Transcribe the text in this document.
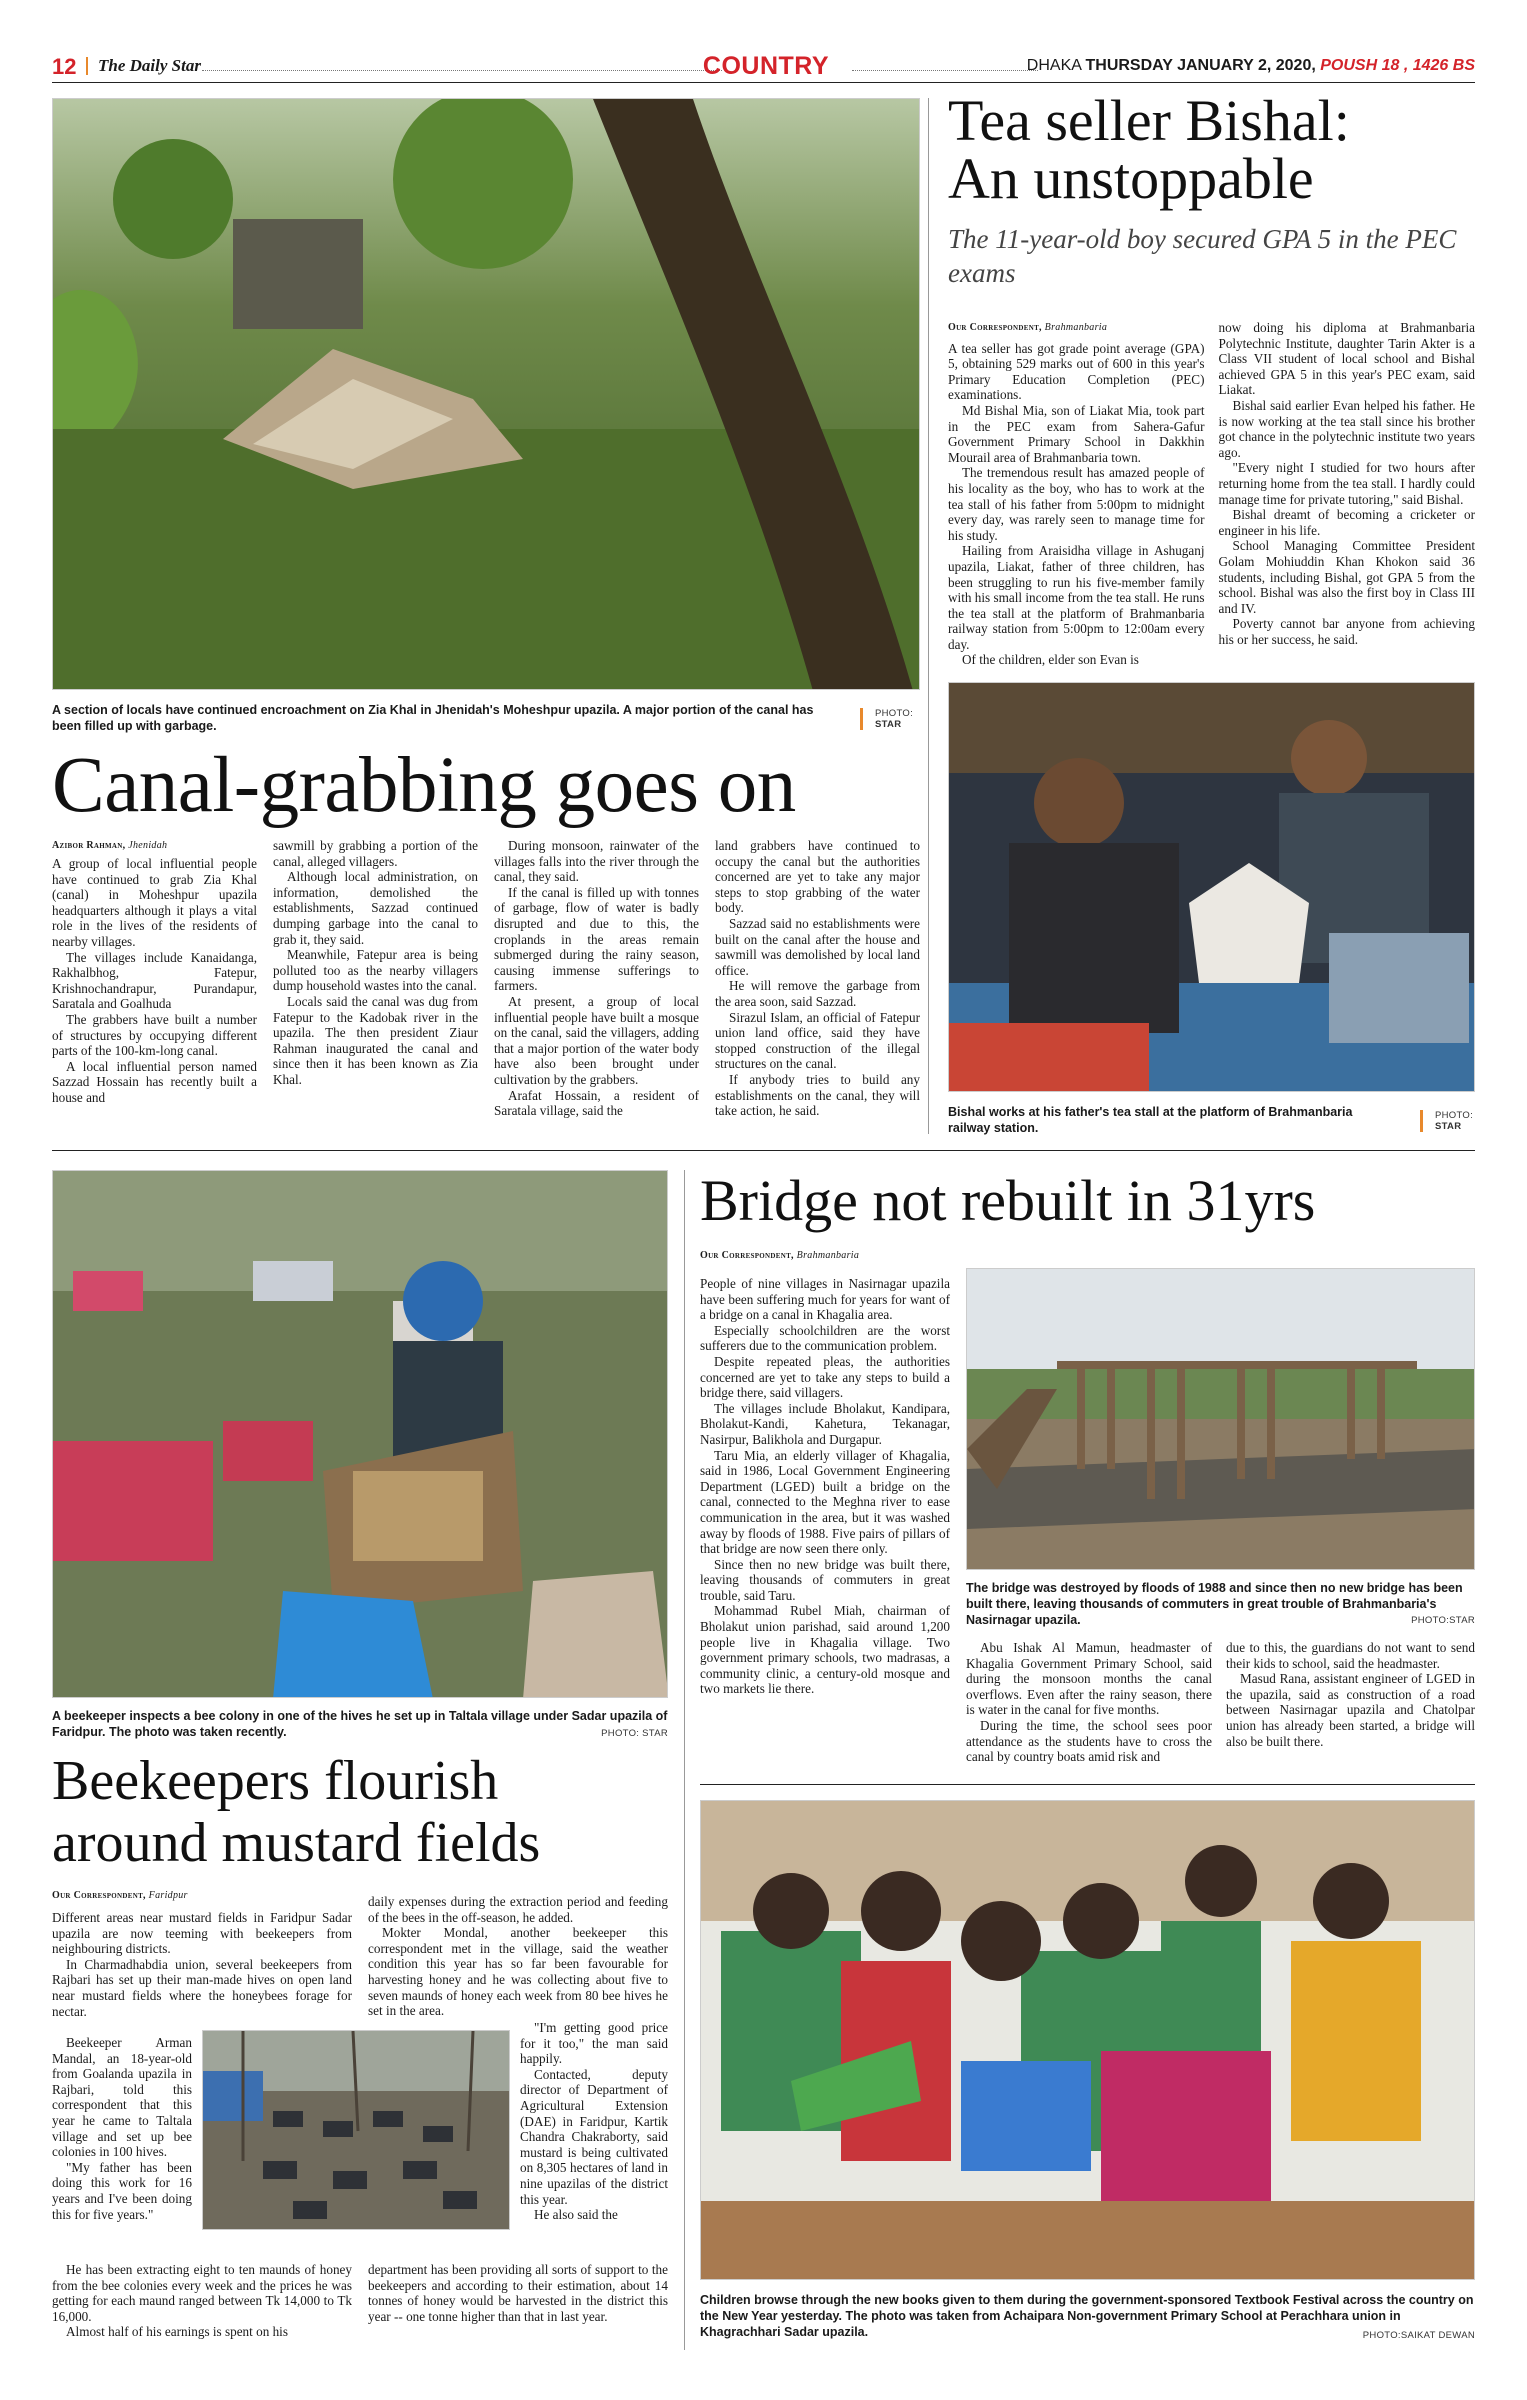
12 The Daily Star	COUNTRY	DHAKA THURSDAY JANUARY 2, 2020, POUSH 18 , 1426 BS
A section of locals have continued encroachment on Zia Khal in Jhenidah's Moheshpur upazila. A major portion of the canal has been filled up with garbage.
PHOTO:
STAR
Canal-grabbing goes on
Azibor Rahman, Jhenidah

A group of local influential people have continued to grab Zia Khal (canal) in Moheshpur upazila headquarters although it plays a vital role in the lives of the residents of nearby villages.

The villages include Kanaidanga, Rakhalbhog, Fatepur, Krishnochandrapur, Purandapur, Saratala and Goalhuda

The grabbers have built a number of structures by occupying different parts of the 100-km-long canal.

A local influential person named Sazzad Hossain has recently built a house and

sawmill by grabbing a portion of the canal, alleged villagers.

Although local administration, on information, demolished the establishments, Sazzad continued dumping garbage into the canal to grab it, they said.

Meanwhile, Fatepur area is being polluted too as the nearby villagers dump household wastes into the canal.

Locals said the canal was dug from Fatepur to the Kadobak river in the upazila. The then president Ziaur Rahman inaugurated the canal and since then it has been known as Zia Khal.

During monsoon, rainwater of the villages falls into the river through the canal, they said.

If the canal is filled up with tonnes of garbage, flow of water is badly disrupted and due to this, the croplands in the areas remain submerged during the rainy season, causing immense sufferings to farmers.

At present, a group of local influential people have built a mosque on the canal, said the villagers, adding that a major portion of the water body have also been brought under cultivation by the grabbers.

Arafat Hossain, a resident of Saratala village, said the

land grabbers have continued to occupy the canal but the authorities concerned are yet to take any major steps to stop grabbing of the water body.

Sazzad said no establishments were built on the canal after the house and sawmill was demolished by local land office.

He will remove the garbage from the area soon, said Sazzad.

Sirazul Islam, an official of Fatepur union land office, said they have stopped construction of the illegal structures on the canal.

If anybody tries to build any establishments on the canal, they will take action, he said.

Tea seller Bishal:
An unstoppable
The 11-year-old boy secured GPA 5 in the PEC exams
Our Correspondent, Brahmanbaria

A tea seller has got grade point average (GPA) 5, obtaining 529 marks out of 600 in this year's Primary Education Completion (PEC) examinations.

Md Bishal Mia, son of Liakat Mia, took part in the PEC exam from Sahera-Gafur Government Primary School in Dakkhin Mourail area of Brahmanbaria town.

The tremendous result has amazed people of his locality as the boy, who has to work at the tea stall of his father from 5:00pm to midnight every day, was rarely seen to manage time for his study.

Hailing from Araisidha village in Ashuganj upazila, Liakat, father of three children, has been struggling to run his five-member family with his small income from the tea stall. He runs the tea stall at the platform of Brahmanbaria railway station from 5:00pm to 12:00am every day.

Of the children, elder son Evan is

now doing his diploma at Brahmanbaria Polytechnic Institute, daughter Tarin Akter is a Class VII student of local school and Bishal achieved GPA 5 in this year's PEC exam, said Liakat.

Bishal said earlier Evan helped his father. He is now working at the tea stall since his brother got chance in the polytechnic institute two years ago.

"Every night I studied for two hours after returning home from the tea stall. I hardly could manage time for private tutoring," said Bishal.

Bishal dreamt of becoming a cricketer or engineer in his life.

School Managing Committee President Golam Mohiuddin Khan Khokon said 36 students, including Bishal, got GPA 5 from the school. Bishal was also the first boy in Class III and IV.

Poverty cannot bar anyone from achieving his or her success, he said.

Bishal works at his father's tea stall at the platform of Brahmanbaria railway station.
PHOTO:
STAR
A beekeeper inspects a bee colony in one of the hives he set up in Taltala village under Sadar upazila of Faridpur. The photo was taken recently.	PHOTO: STAR
Beekeepers flourish
around mustard fields
Our Correspondent, Faridpur

Different areas near mustard fields in Faridpur Sadar upazila are now teeming with beekeepers from neighbouring districts.

In Charmadhabdia union, several beekeepers from Rajbari has set up their man-made hives on open land near mustard fields where the honeybees forage for nectar.

Beekeeper Arman Mandal, an 18-year-old from Goalanda upazila in Rajbari, told this correspondent that this year he came to Taltala village and set up bee colonies in 100 hives.

"My father has been doing this work for 16 years and I've been doing this for five years."

He has been extracting eight to ten maunds of honey from the bee colonies every week and the prices he was getting for each maund ranged between Tk 14,000 to Tk 16,000.

Almost half of his earnings is spent on his

daily expenses during the extraction period and feeding of the bees in the off-season, he added.

Mokter Mondal, another beekeeper this correspondent met in the village, said the weather condition this year has so far been favourable for harvesting honey and he was collecting about five to seven maunds of honey each week from 80 bee hives he set in the area.

"I'm getting good price for it too," the man said happily.

Contacted, deputy director of Department of Agricultural Extension (DAE) in Faridpur, Kartik Chandra Chakraborty, said mustard is being cultivated on 8,305 hectares of land in nine upazilas of the district this year.

He also said the

department has been providing all sorts of support to the beekeepers and according to their estimation, about 14 tonnes of honey would be harvested in the district this year -- one tonne higher than that in last year.

Bridge not rebuilt in 31yrs
Our Correspondent, Brahmanbaria

People of nine villages in Nasirnagar upazila have been suffering much for years for want of a bridge on a canal in Khagalia area.

Especially schoolchildren are the worst sufferers due to the communication problem.

Despite repeated pleas, the authorities concerned are yet to take any steps to build a bridge there, said villagers.

The villages include Bholakut, Kandipara, Bholakut-Kandi, Kahetura, Tekanagar, Nasirpur, Balikhola and Durgapur.

Taru Mia, an elderly villager of Khagalia, said in 1986, Local Government Engineering Department (LGED) built a bridge on the canal, connected to the Meghna river to ease communication in the area, but it was washed away by floods of 1988. Five pairs of pillars of that bridge are now seen there only.

Since then no new bridge was built there, leaving thousands of commuters in great trouble, said Taru.

Mohammad Rubel Miah, chairman of Bholakut union parishad, said around 1,200 people live in Khagalia village. Two government primary schools, two madrasas, a community clinic, a century-old mosque and two markets lie there.

The bridge was destroyed by floods of 1988 and since then no new bridge has been built there, leaving thousands of commuters in great trouble of Brahmanbaria's Nasirnagar upazila.	PHOTO:STAR

Abu Ishak Al Mamun, headmaster of Khagalia Government Primary School, said during the monsoon months the canal overflows. Even after the rainy season, there is water in the canal for five months.

During the time, the school sees poor attendance as the students have to cross the canal by country boats amid risk and

due to this, the guardians do not want to send their kids to school, said the headmaster.

Masud Rana, assistant engineer of LGED in the upazila, said as construction of a road between Nasirnagar upazila and Chatolpar union has already been started, a bridge will also be built there.

Children browse through the new books given to them during the government-sponsored Textbook Festival across the country on the New Year yesterday. The photo was taken from Achaipara Non-government Primary School at Perachhara union in Khagrachhari Sadar upazila.	PHOTO:SAIKAT DEWAN
